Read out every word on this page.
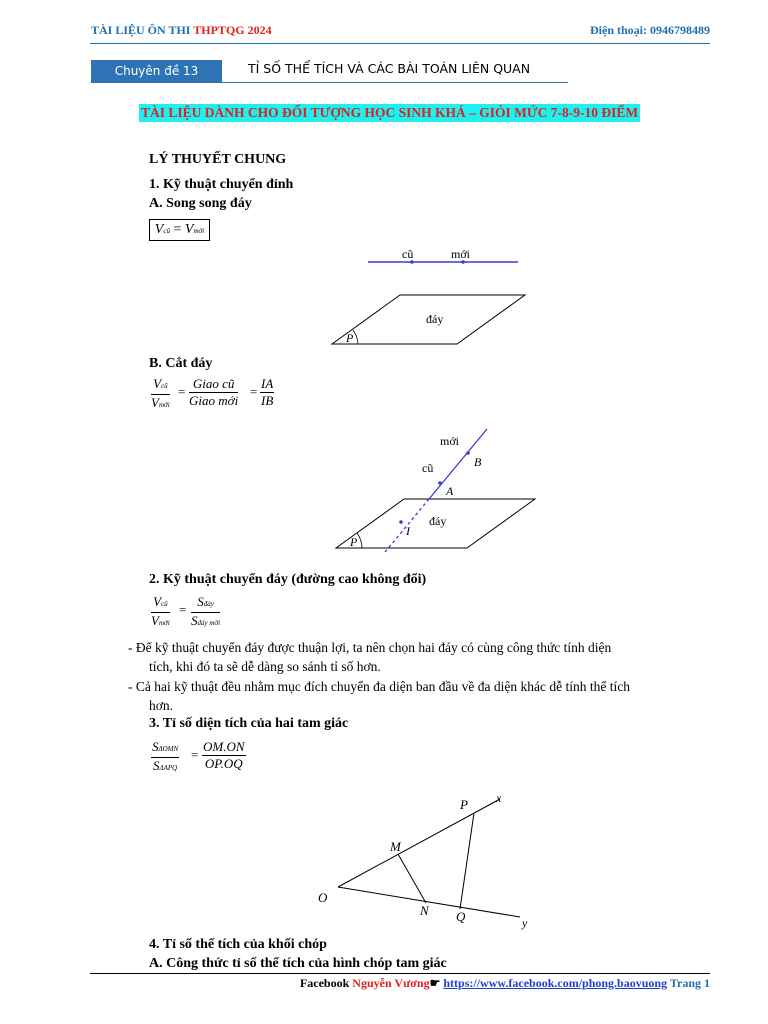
TÀI LIỆU ÔN THI THPTQG 2024	Điện thoại: 0946798489
Chuyên đề 13	TỈ SỐ THỂ TÍCH VÀ CÁC BÀI TOÁN LIÊN QUAN
TÀI LIỆU DÀNH CHO ĐỐI TƯỢNG HỌC SINH KHÁ – GIỎI MỨC 7-8-9-10 ĐIỂM
LÝ THUYẾT CHUNG
1. Kỹ thuật chuyển đỉnh
A. Song song đáy
Vcũ = Vmới
cũ	mới
đáy
P
B. Cắt đáy
Vcũ
Vmới
=
Giao cũ
Giao mới
= $\frac{IA}{IB}$
mới
cũ	B
A
I
đáy
P
2. Kỹ thuật chuyển đáy (đường cao không đổi)
Vcũ
Vmới
=
Sđáy
Sđáy mới
- Để kỹ thuật chuyển đáy được thuận lợi, ta nên chọn hai đáy có cùng công thức tính diện
tích, khi đó ta sẽ dễ dàng so sánh tỉ số hơn.
- Cả hai kỹ thuật đều nhằm mục đích chuyển đa diện ban đầu về đa diện khác dễ tính thể tích
hơn.
3. Tỉ số diện tích của hai tam giác
SΔOMN
SΔAPQ
= $\frac{OM.ON}{OP.OQ}$
P x
M
O
N Q	y
4. Tỉ số thể tích của khối chóp
A. Công thức tỉ số thể tích của hình chóp tam giác
Facebook Nguyễn Vương☛ https://www.facebook.com/phong.baovuong Trang 1
